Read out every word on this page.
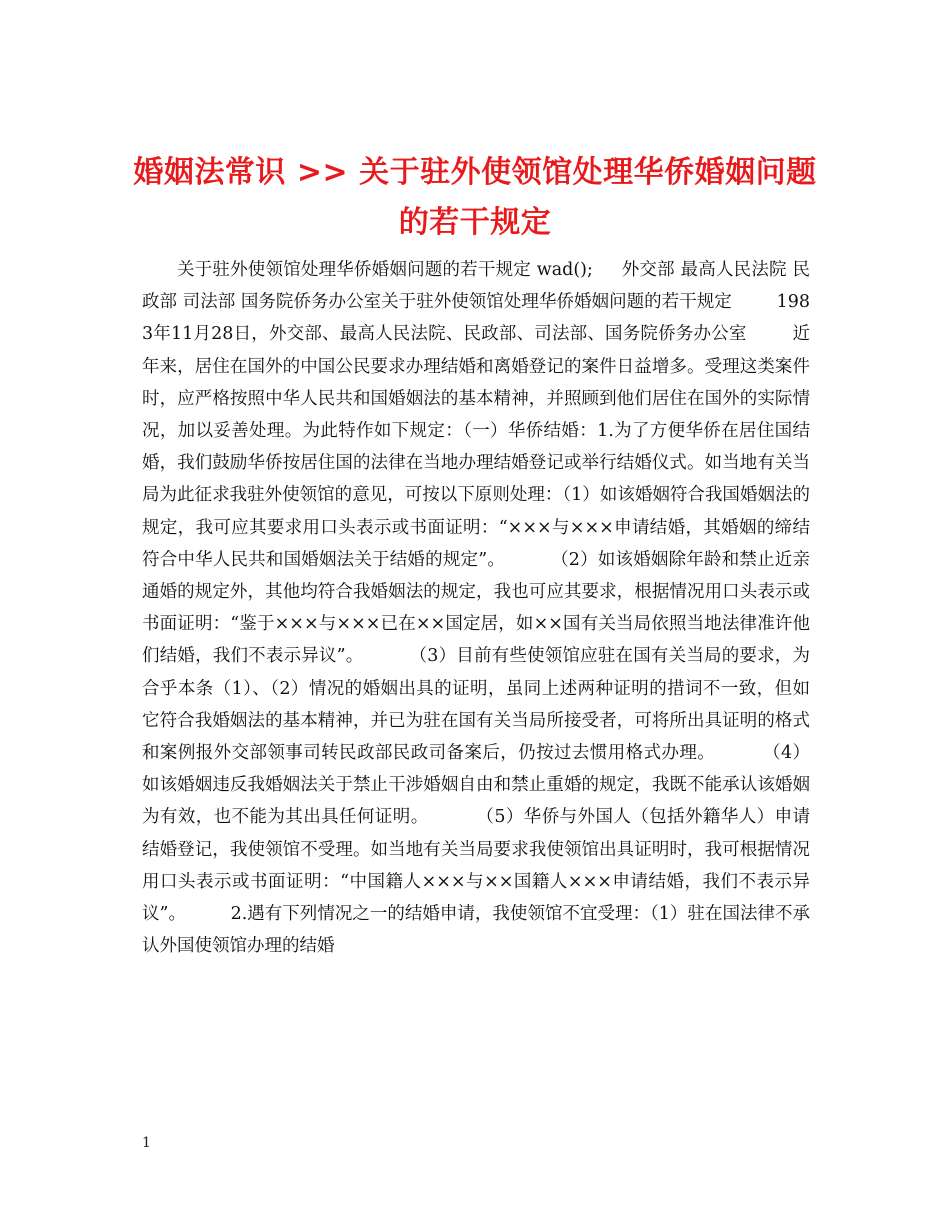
婚姻法常识 >> 关于驻外使领馆处理华侨婚姻问题的若干规定

关于驻外使领馆处理华侨婚姻问题的若干规定 wad();     外交部 最高人民法院 民政部 司法部 国务院侨务办公室关于驻外使领馆处理华侨婚姻问题的若干规定        1983年11月28日，外交部、最高人民法院、民政部、司法部、国务院侨务办公室        近年来，居住在国外的中国公民要求办理结婚和离婚登记的案件日益增多。受理这类案件时，应严格按照中华人民共和国婚姻法的基本精神，并照顾到他们居住在国外的实际情况，加以妥善处理。为此特作如下规定：（一）华侨结婚：1.为了方便华侨在居住国结婚，我们鼓励华侨按居住国的法律在当地办理结婚登记或举行结婚仪式。如当地有关当局为此征求我驻外使领馆的意见，可按以下原则处理：（1）如该婚姻符合我国婚姻法的规定，我可应其要求用口头表示或书面证明：“×××与×××申请结婚，其婚姻的缔结符合中华人民共和国婚姻法关于结婚的规定”。        （2）如该婚姻除年龄和禁止近亲通婚的规定外，其他均符合我婚姻法的规定，我也可应其要求，根据情况用口头表示或书面证明：“鉴于×××与×××已在××国定居，如××国有关当局依照当地法律准许他们结婚，我们不表示异议”。        （3）目前有些使领馆应驻在国有关当局的要求，为合乎本条（1）、（2）情况的婚姻出具的证明，虽同上述两种证明的措词不一致，但如它符合我婚姻法的基本精神，并已为驻在国有关当局所接受者，可将所出具证明的格式和案例报外交部领事司转民政部民政司备案后，仍按过去惯用格式办理。        （4）如该婚姻违反我婚姻法关于禁止干涉婚姻自由和禁止重婚的规定，我既不能承认该婚姻为有效，也不能为其出具任何证明。        （5）华侨与外国人（包括外籍华人）申请结婚登记，我使领馆不受理。如当地有关当局要求我使领馆出具证明时，我可根据情况用口头表示或书面证明：“中国籍人×××与××国籍人×××申请结婚，我们不表示异议”。        2.遇有下列情况之一的结婚申请，我使领馆不宜受理：（1）驻在国法律不承认外国使领馆办理的结婚

1
